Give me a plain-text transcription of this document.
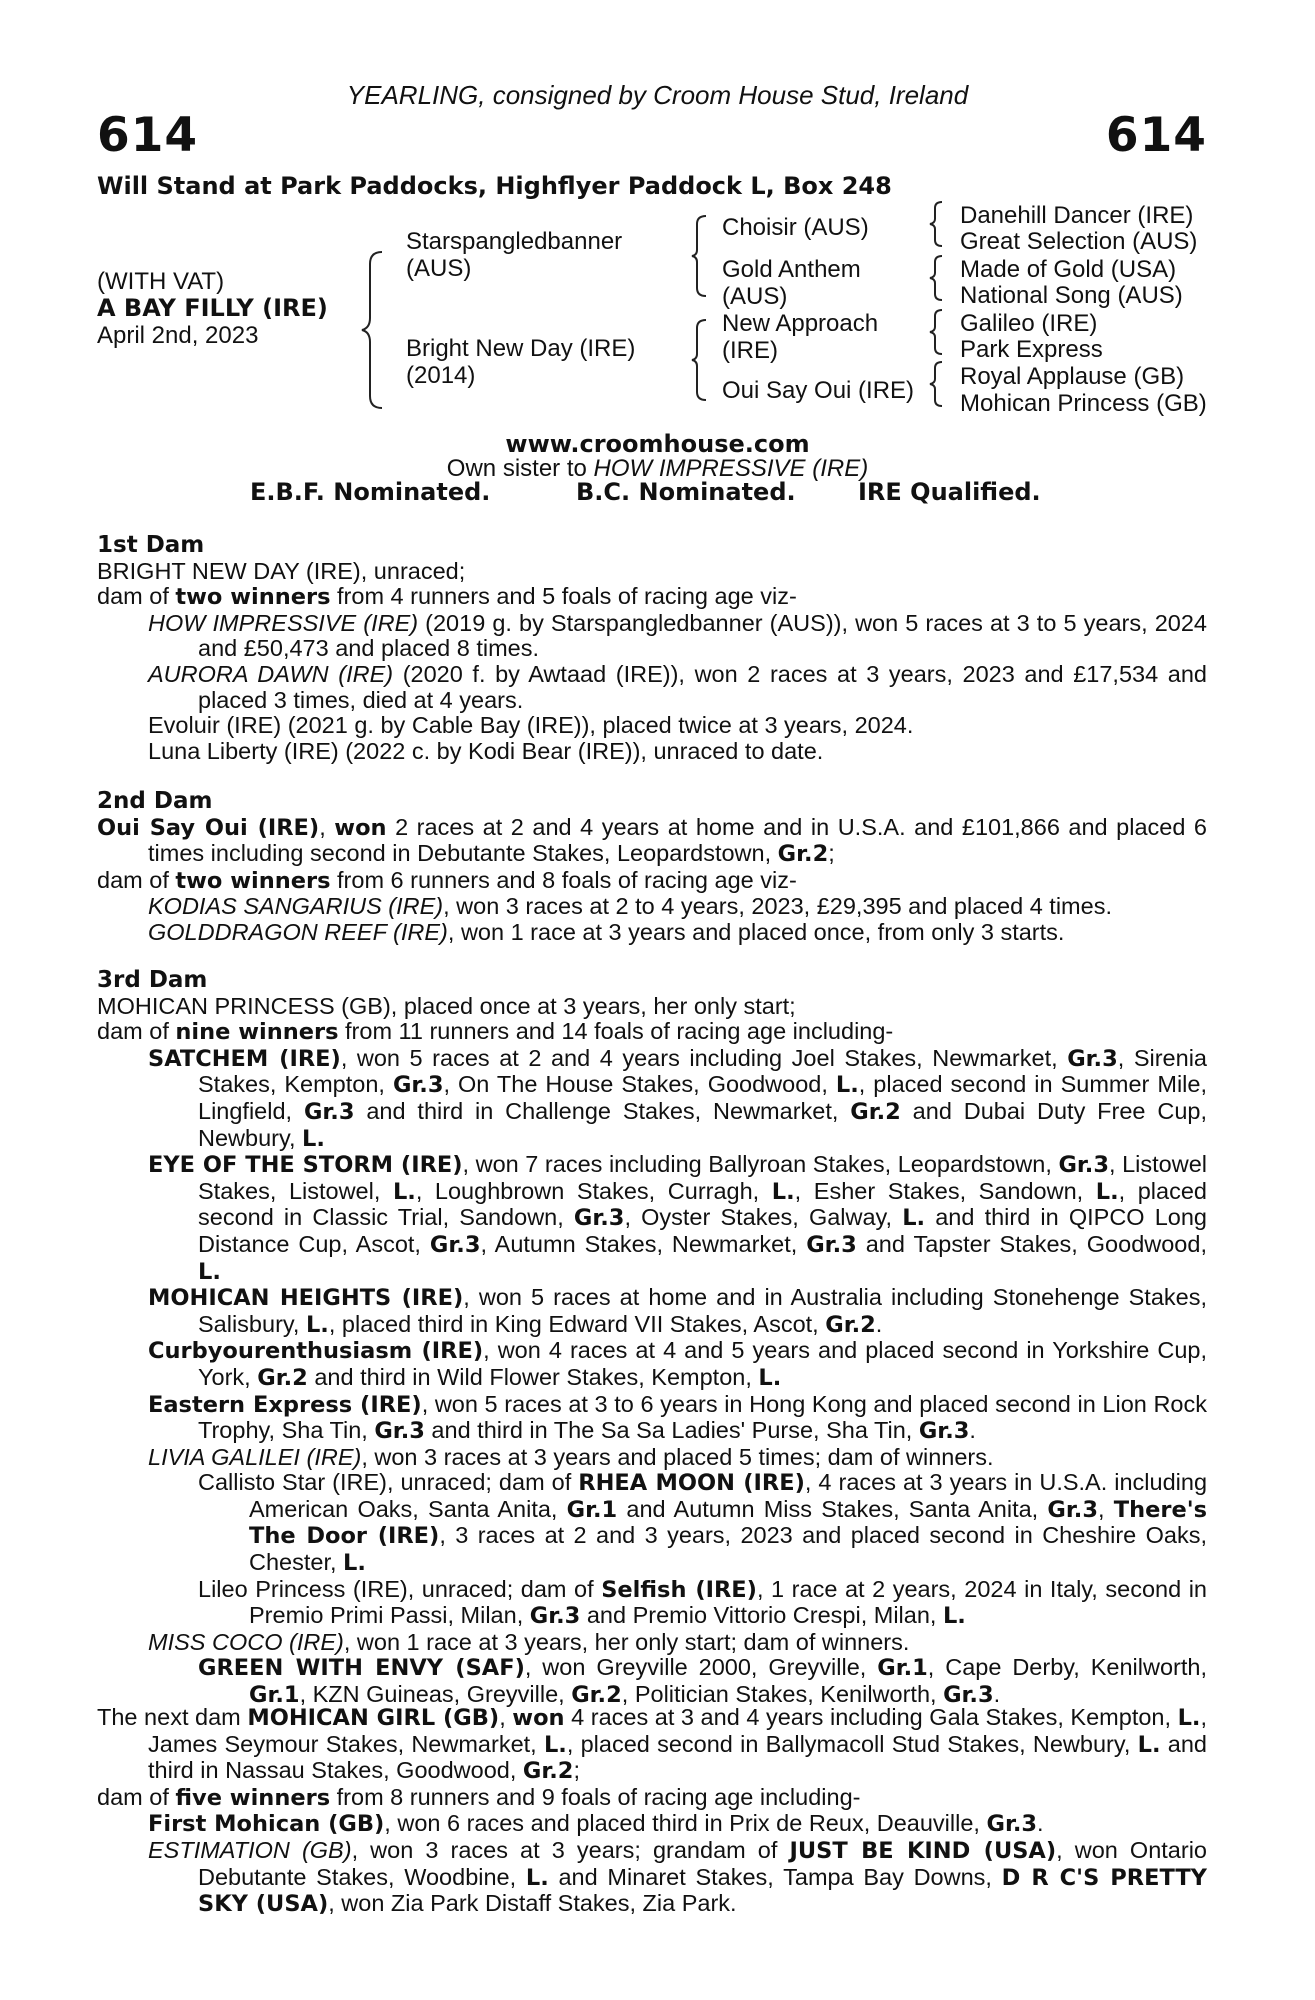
YEARLING, consigned by Croom House Stud, Ireland
614	614
Will Stand at Park Paddocks, Highflyer Paddock L, Box 248
(WITH VAT)
A BAY FILLY (IRE)
April 2nd, 2023
Starspangledbanner
(AUS)
Bright New Day (IRE)
(2014)
Choisir (AUS)
Gold Anthem
(AUS)
New Approach
(IRE)
Oui Say Oui (IRE)
Danehill Dancer (IRE)
Great Selection (AUS)
Made of Gold (USA)
National Song (AUS)
Galileo (IRE)
Park Express
Royal Applause (GB)
Mohican Princess (GB)
www.croomhouse.com
Own sister to HOW IMPRESSIVE (IRE)
E.B.F. Nominated.	B.C. Nominated.	IRE Qualified.

1st Dam

BRIGHT NEW DAY (IRE), unraced;

dam of two winners from 4 runners and 5 foals of racing age viz-

HOW IMPRESSIVE (IRE) (2019 g. by Starspangledbanner (AUS)), won 5 races at 3 to 5 years, 2024 and £50,473 and placed 8 times.

AURORA DAWN (IRE) (2020 f. by Awtaad (IRE)), won 2 races at 3 years, 2023 and £17,534 and placed 3 times, died at 4 years.

Evoluir (IRE) (2021 g. by Cable Bay (IRE)), placed twice at 3 years, 2024.

Luna Liberty (IRE) (2022 c. by Kodi Bear (IRE)), unraced to date.

2nd Dam

Oui Say Oui (IRE), won 2 races at 2 and 4 years at home and in U.S.A. and £101,866 and placed 6 times including second in Debutante Stakes, Leopardstown, Gr.2;

dam of two winners from 6 runners and 8 foals of racing age viz-

KODIAS SANGARIUS (IRE), won 3 races at 2 to 4 years, 2023, £29,395 and placed 4 times.

GOLDDRAGON REEF (IRE), won 1 race at 3 years and placed once, from only 3 starts.

3rd Dam

MOHICAN PRINCESS (GB), placed once at 3 years, her only start;

dam of nine winners from 11 runners and 14 foals of racing age including-

SATCHEM (IRE), won 5 races at 2 and 4 years including Joel Stakes, Newmarket, Gr.3, Sirenia Stakes, Kempton, Gr.3, On The House Stakes, Goodwood, L., placed second in Summer Mile, Lingfield, Gr.3 and third in Challenge Stakes, Newmarket, Gr.2 and Dubai Duty Free Cup, Newbury, L.

EYE OF THE STORM (IRE), won 7 races including Ballyroan Stakes, Leopardstown, Gr.3, Listowel Stakes, Listowel, L., Loughbrown Stakes, Curragh, L., Esher Stakes, Sandown, L., placed second in Classic Trial, Sandown, Gr.3, Oyster Stakes, Galway, L. and third in QIPCO Long Distance Cup, Ascot, Gr.3, Autumn Stakes, Newmarket, Gr.3 and Tapster Stakes, Goodwood, L.

MOHICAN HEIGHTS (IRE), won 5 races at home and in Australia including Stonehenge Stakes, Salisbury, L., placed third in King Edward VII Stakes, Ascot, Gr.2.

Curbyourenthusiasm (IRE), won 4 races at 4 and 5 years and placed second in Yorkshire Cup, York, Gr.2 and third in Wild Flower Stakes, Kempton, L.

Eastern Express (IRE), won 5 races at 3 to 6 years in Hong Kong and placed second in Lion Rock Trophy, Sha Tin, Gr.3 and third in The Sa Sa Ladies' Purse, Sha Tin, Gr.3.

LIVIA GALILEI (IRE), won 3 races at 3 years and placed 5 times; dam of winners.

Callisto Star (IRE), unraced; dam of RHEA MOON (IRE), 4 races at 3 years in U.S.A. including American Oaks, Santa Anita, Gr.1 and Autumn Miss Stakes, Santa Anita, Gr.3, There's The Door (IRE), 3 races at 2 and 3 years, 2023 and placed second in Cheshire Oaks, Chester, L.

Lileo Princess (IRE), unraced; dam of Selfish (IRE), 1 race at 2 years, 2024 in Italy, second in Premio Primi Passi, Milan, Gr.3 and Premio Vittorio Crespi, Milan, L.

MISS COCO (IRE), won 1 race at 3 years, her only start; dam of winners.

GREEN WITH ENVY (SAF), won Greyville 2000, Greyville, Gr.1, Cape Derby, Kenilworth, Gr.1, KZN Guineas, Greyville, Gr.2, Politician Stakes, Kenilworth, Gr.3.

The next dam MOHICAN GIRL (GB), won 4 races at 3 and 4 years including Gala Stakes, Kempton, L., James Seymour Stakes, Newmarket, L., placed second in Ballymacoll Stud Stakes, Newbury, L. and third in Nassau Stakes, Goodwood, Gr.2;

dam of five winners from 8 runners and 9 foals of racing age including-

First Mohican (GB), won 6 races and placed third in Prix de Reux, Deauville, Gr.3.

ESTIMATION (GB), won 3 races at 3 years; grandam of JUST BE KIND (USA), won Ontario Debutante Stakes, Woodbine, L. and Minaret Stakes, Tampa Bay Downs, D R C'S PRETTY SKY (USA), won Zia Park Distaff Stakes, Zia Park.
